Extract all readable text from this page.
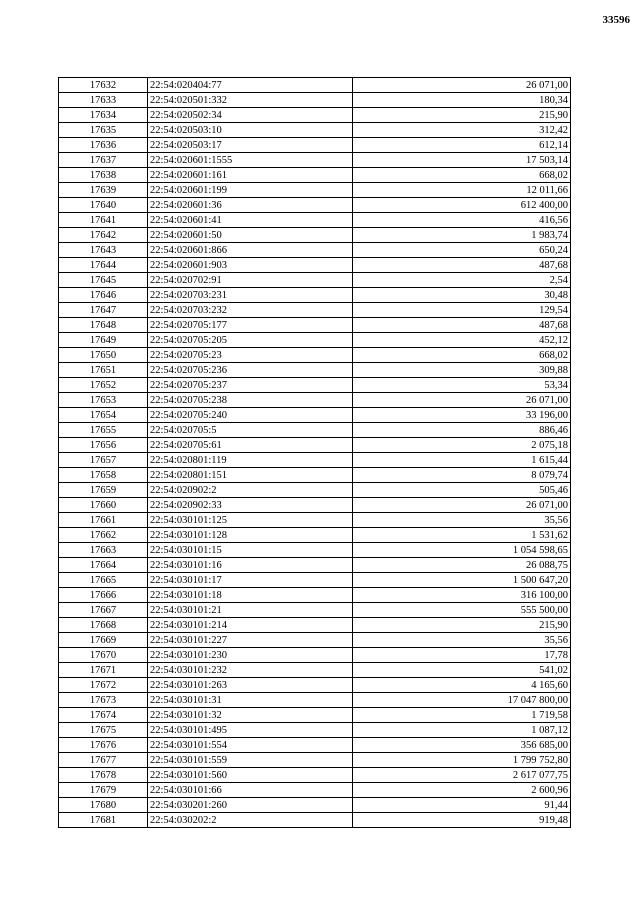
33596
17632	22:54:020404:77	26 071,00
17633	22:54:020501:332	180,34
17634	22:54:020502:34	215,90
17635	22:54:020503:10	312,42
17636	22:54:020503:17	612,14
17637	22:54:020601:1555	17 503,14
17638	22:54:020601:161	668,02
17639	22:54:020601:199	12 011,66
17640	22:54:020601:36	612 400,00
17641	22:54:020601:41	416,56
17642	22:54:020601:50	1 983,74
17643	22:54:020601:866	650,24
17644	22:54:020601:903	487,68
17645	22:54:020702:91	2,54
17646	22:54:020703:231	30,48
17647	22:54:020703:232	129,54
17648	22:54:020705:177	487,68
17649	22:54:020705:205	452,12
17650	22:54:020705:23	668,02
17651	22:54:020705:236	309,88
17652	22:54:020705:237	53,34
17653	22:54:020705:238	26 071,00
17654	22:54:020705:240	33 196,00
17655	22:54:020705:5	886,46
17656	22:54:020705:61	2 075,18
17657	22:54:020801:119	1 615,44
17658	22:54:020801:151	8 079,74
17659	22:54:020902:2	505,46
17660	22:54:020902:33	26 071,00
17661	22:54:030101:125	35,56
17662	22:54:030101:128	1 531,62
17663	22:54:030101:15	1 054 598,65
17664	22:54:030101:16	26 088,75
17665	22:54:030101:17	1 500 647,20
17666	22:54:030101:18	316 100,00
17667	22:54:030101:21	555 500,00
17668	22:54:030101:214	215,90
17669	22:54:030101:227	35,56
17670	22:54:030101:230	17,78
17671	22:54:030101:232	541,02
17672	22:54:030101:263	4 165,60
17673	22:54:030101:31	17 047 800,00
17674	22:54:030101:32	1 719,58
17675	22:54:030101:495	1 087,12
17676	22:54:030101:554	356 685,00
17677	22:54:030101:559	1 799 752,80
17678	22:54:030101:560	2 617 077,75
17679	22:54:030101:66	2 600,96
17680	22:54:030201:260	91,44
17681	22:54:030202:2	919,48
